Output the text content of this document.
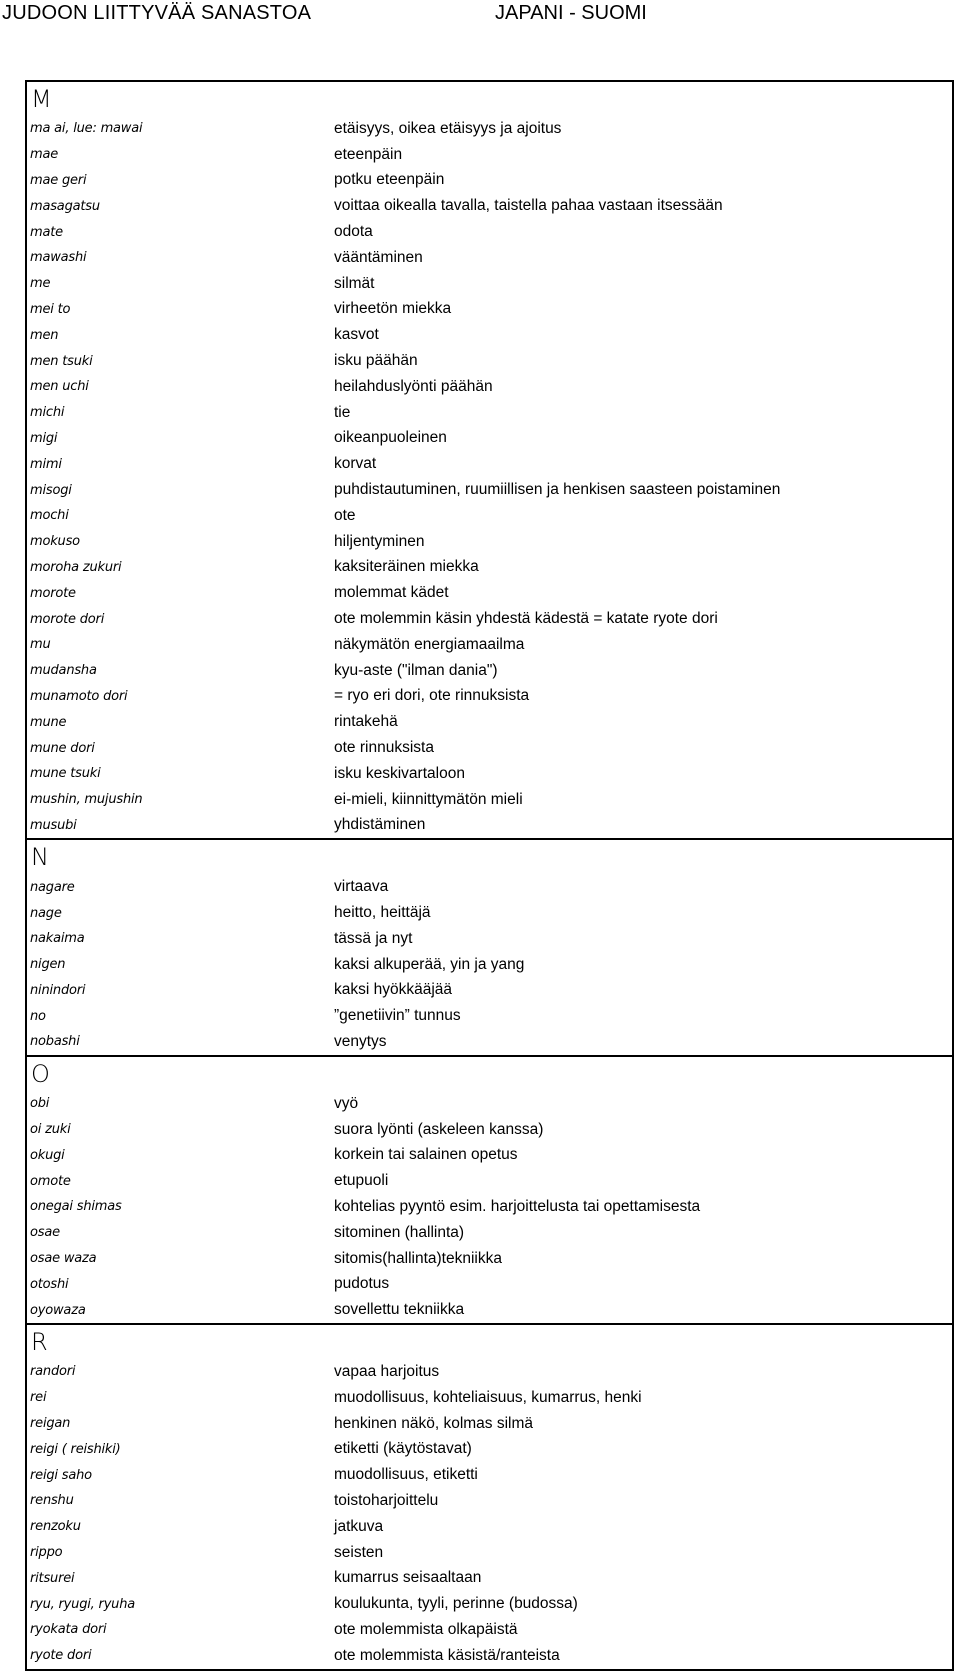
JUDOON LIITTYVÄÄ SANASTOA	JAPANI - SUOMI
M
ma ai, lue: mawai	etäisyys, oikea etäisyys ja ajoitus
mae	eteenpäin
mae geri	potku eteenpäin
masagatsu	voittaa oikealla tavalla, taistella pahaa vastaan itsessään
mate	odota
mawashi	vääntäminen
me	silmät
mei to	virheetön miekka
men	kasvot
men tsuki	isku päähän
men uchi	heilahduslyönti päähän
michi	tie
migi	oikeanpuoleinen
mimi	korvat
misogi	puhdistautuminen, ruumiillisen ja henkisen saasteen poistaminen
mochi	ote
mokuso	hiljentyminen
moroha zukuri	kaksiteräinen miekka
morote	molemmat kädet
morote dori	ote molemmin käsin yhdestä kädestä = katate ryote dori
mu	näkymätön energiamaailma
mudansha	kyu-aste ("ilman dania")
munamoto dori	= ryo eri dori, ote rinnuksista
mune	rintakehä
mune dori	ote rinnuksista
mune tsuki	isku keskivartaloon
mushin, mujushin	ei-mieli, kiinnittymätön mieli
musubi	yhdistäminen
N
nagare	virtaava
nage	heitto, heittäjä
nakaima	tässä ja nyt
nigen	kaksi alkuperää, yin ja yang
ninindori	kaksi hyökkääjää
no	”genetiivin” tunnus
nobashi	venytys
O
obi	vyö
oi zuki	suora lyönti (askeleen kanssa)
okugi	korkein tai salainen opetus
omote	etupuoli
onegai shimas	kohtelias pyyntö esim. harjoittelusta tai opettamisesta
osae	sitominen (hallinta)
osae waza	sitomis(hallinta)tekniikka
otoshi	pudotus
oyowaza	sovellettu tekniikka
R
randori	vapaa harjoitus
rei	muodollisuus, kohteliaisuus, kumarrus, henki
reigan	henkinen näkö, kolmas silmä
reigi ( reishiki)	etiketti (käytöstavat)
reigi saho	muodollisuus, etiketti
renshu	toistoharjoittelu
renzoku	jatkuva
rippo	seisten
ritsurei	kumarrus seisaaltaan
ryu, ryugi, ryuha	koulukunta, tyyli, perinne (budossa)
ryokata dori	ote molemmista olkapäistä
ryote dori	ote molemmista käsistä/ranteista
